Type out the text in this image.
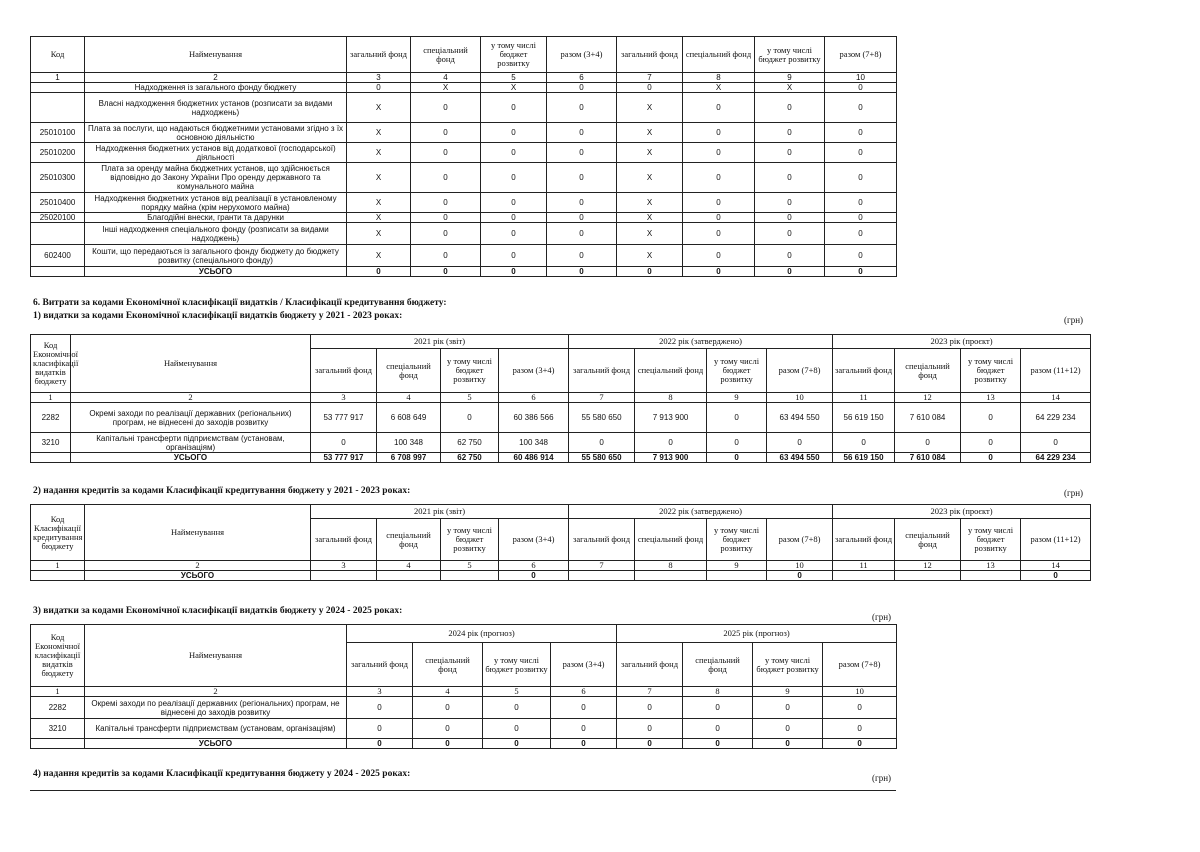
Код	Найменування	загальний фонд	спеціальний фонд	у тому числі бюджет розвитку	разом (3+4)	загальний фонд	спеціальний фонд	у тому числі бюджет розвитку	разом (7+8)
1	2	3	4	5	6	7	8	9	10
	Надходження із загального фонду бюджету	0	X	X	0	0	X	X	0
	Власні надходження бюджетних установ (розписати за видами надходжень)	X	0	0	0	X	0	0	0
25010100	Плата за послуги, що надаються бюджетними установами згідно з їх основною діяльністю	X	0	0	0	X	0	0	0
25010200	Надходження бюджетних установ від додаткової (господарської) діяльності	X	0	0	0	X	0	0	0
25010300	Плата за оренду майна бюджетних установ, що здійснюється відповідно до Закону України Про оренду державного та комунального майна	X	0	0	0	X	0	0	0
25010400	Надходження бюджетних установ від реалізації в установленому порядку майна (крім нерухомого майна)	X	0	0	0	X	0	0	0
25020100	Благодійні внески, гранти та дарунки	X	0	0	0	X	0	0	0
	Інші надходження спеціального фонду (розписати за видами надходжень)	X	0	0	0	X	0	0	0
602400	Кошти, що передаються із загального фонду бюджету до бюджету розвитку (спеціального фонду)	X	0	0	0	X	0	0	0
	УСЬОГО	0	0	0	0	0	0	0	0
6. Витрати за кодами Економічної класифікації видатків / Класифікації кредитування бюджету:
1) видатки за кодами Економічної класифікації видатків бюджету у 2021 - 2023 роках:	(грн)
Код Економічної класифікації видатків бюджету	Найменування	2021 рік (звіт)				2022 рік (затверджено)				2023 рік (проєкт)			
		загальний фонд	спеціальний фонд	у тому числі бюджет розвитку	разом (3+4)	загальний фонд	спеціальний фонд	у тому числі бюджет розвитку	разом (7+8)	загальний фонд	спеціальний фонд	у тому числі бюджет розвитку	разом (11+12)
1	2	3	4	5	6	7	8	9	10	11	12	13	14
2282	Окремі заходи по реалізації державних (регіональних) програм, не віднесені до заходів розвитку	53 777 917	6 608 649	0	60 386 566	55 580 650	7 913 900	0	63 494 550	56 619 150	7 610 084	0	64 229 234
3210	Капітальні трансферти підприємствам (установам, організаціям)	0	100 348	62 750	100 348	0	0	0	0	0	0	0	0
	УСЬОГО	53 777 917	6 708 997	62 750	60 486 914	55 580 650	7 913 900	0	63 494 550	56 619 150	7 610 084	0	64 229 234
2) надання кредитів за кодами Класифікації кредитування бюджету у 2021 - 2023 роках:	(грн)
Код Класифікації кредитування бюджету	Найменування	2021 рік (звіт)				2022 рік (затверджено)				2023 рік (проєкт)			
		загальний фонд	спеціальний фонд	у тому числі бюджет розвитку	разом (3+4)	загальний фонд	спеціальний фонд	у тому числі бюджет розвитку	разом (7+8)	загальний фонд	спеціальний фонд	у тому числі бюджет розвитку	разом (11+12)
1	2	3	4	5	6	7	8	9	10	11	12	13	14
	УСЬОГО				0				0				0
3) видатки за кодами Економічної класифікації видатків бюджету у 2024 - 2025 роках:
(грн)
Код Економічної класифікації видатків бюджету	Найменування	2024 рік (прогноз)				2025 рік (прогноз)			
		загальний фонд	спеціальний фонд	у тому числі бюджет розвитку	разом (3+4)	загальний фонд	спеціальний фонд	у тому числі бюджет розвитку	разом (7+8)
1	2	3	4	5	6	7	8	9	10
2282	Окремі заходи по реалізації державних (регіональних) програм, не віднесені до заходів розвитку	0	0	0	0	0	0	0	0
3210	Капітальні трансферти підприємствам (установам, організаціям)	0	0	0	0	0	0	0	0
	УСЬОГО	0	0	0	0	0	0	0	0
4) надання кредитів за кодами Класифікації кредитування бюджету у 2024 - 2025 роках:	(грн)
